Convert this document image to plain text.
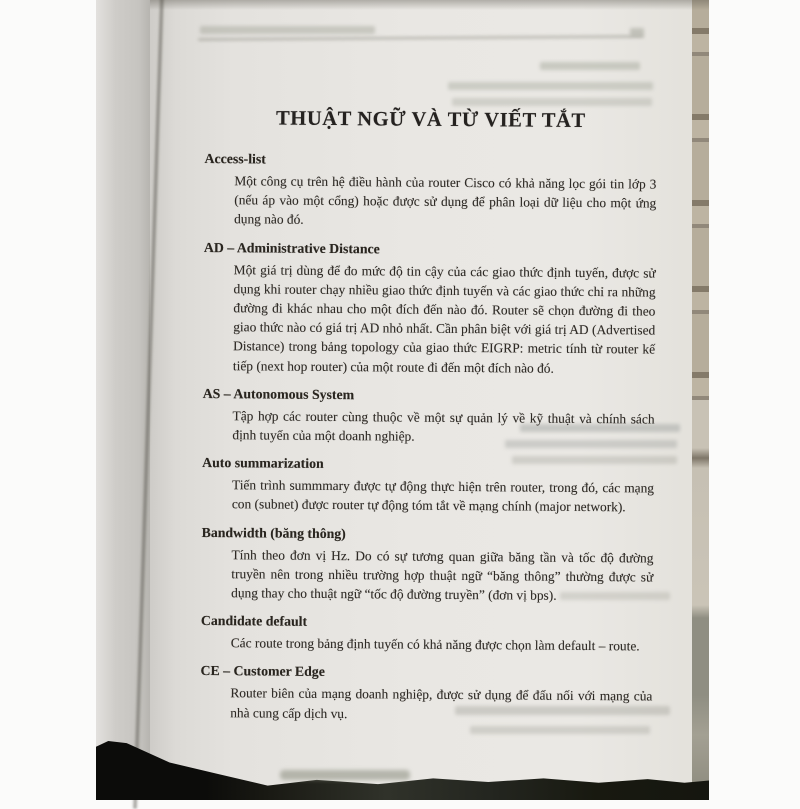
THUẬT NGỮ VÀ TỪ VIẾT TẮT

Access-list

Một công cụ trên hệ điều hành của router Cisco có khả năng lọc gói tin lớp 3 (nếu áp vào một cổng) hoặc được sử dụng để phân loại dữ liệu cho một ứng dụng nào đó.

AD – Administrative Distance

Một giá trị dùng để đo mức độ tin cậy của các giao thức định tuyến, được sử dụng khi router chạy nhiều giao thức định tuyến và các giao thức chỉ ra những đường đi khác nhau cho một đích đến nào đó. Router sẽ chọn đường đi theo giao thức nào có giá trị AD nhỏ nhất. Cần phân biệt với giá trị AD (Advertised Distance) trong bảng topology của giao thức EIGRP: metric tính từ router kế tiếp (next hop router) của một route đi đến một đích nào đó.

AS – Autonomous System

Tập hợp các router cùng thuộc về một sự quản lý về kỹ thuật và chính sách định tuyến của một doanh nghiệp.

Auto summarization

Tiến trình summmary được tự động thực hiện trên router, trong đó, các mạng con (subnet) được router tự động tóm tắt về mạng chính (major network).

Bandwidth (băng thông)

Tính theo đơn vị Hz. Do có sự tương quan giữa băng tần và tốc độ đường truyền nên trong nhiều trường hợp thuật ngữ “băng thông” thường được sử dụng thay cho thuật ngữ “tốc độ đường truyền” (đơn vị bps).

Candidate default

Các route trong bảng định tuyến có khả năng được chọn làm default – route.

CE – Customer Edge

Router biên của mạng doanh nghiệp, được sử dụng để đấu nối với mạng của nhà cung cấp dịch vụ.
